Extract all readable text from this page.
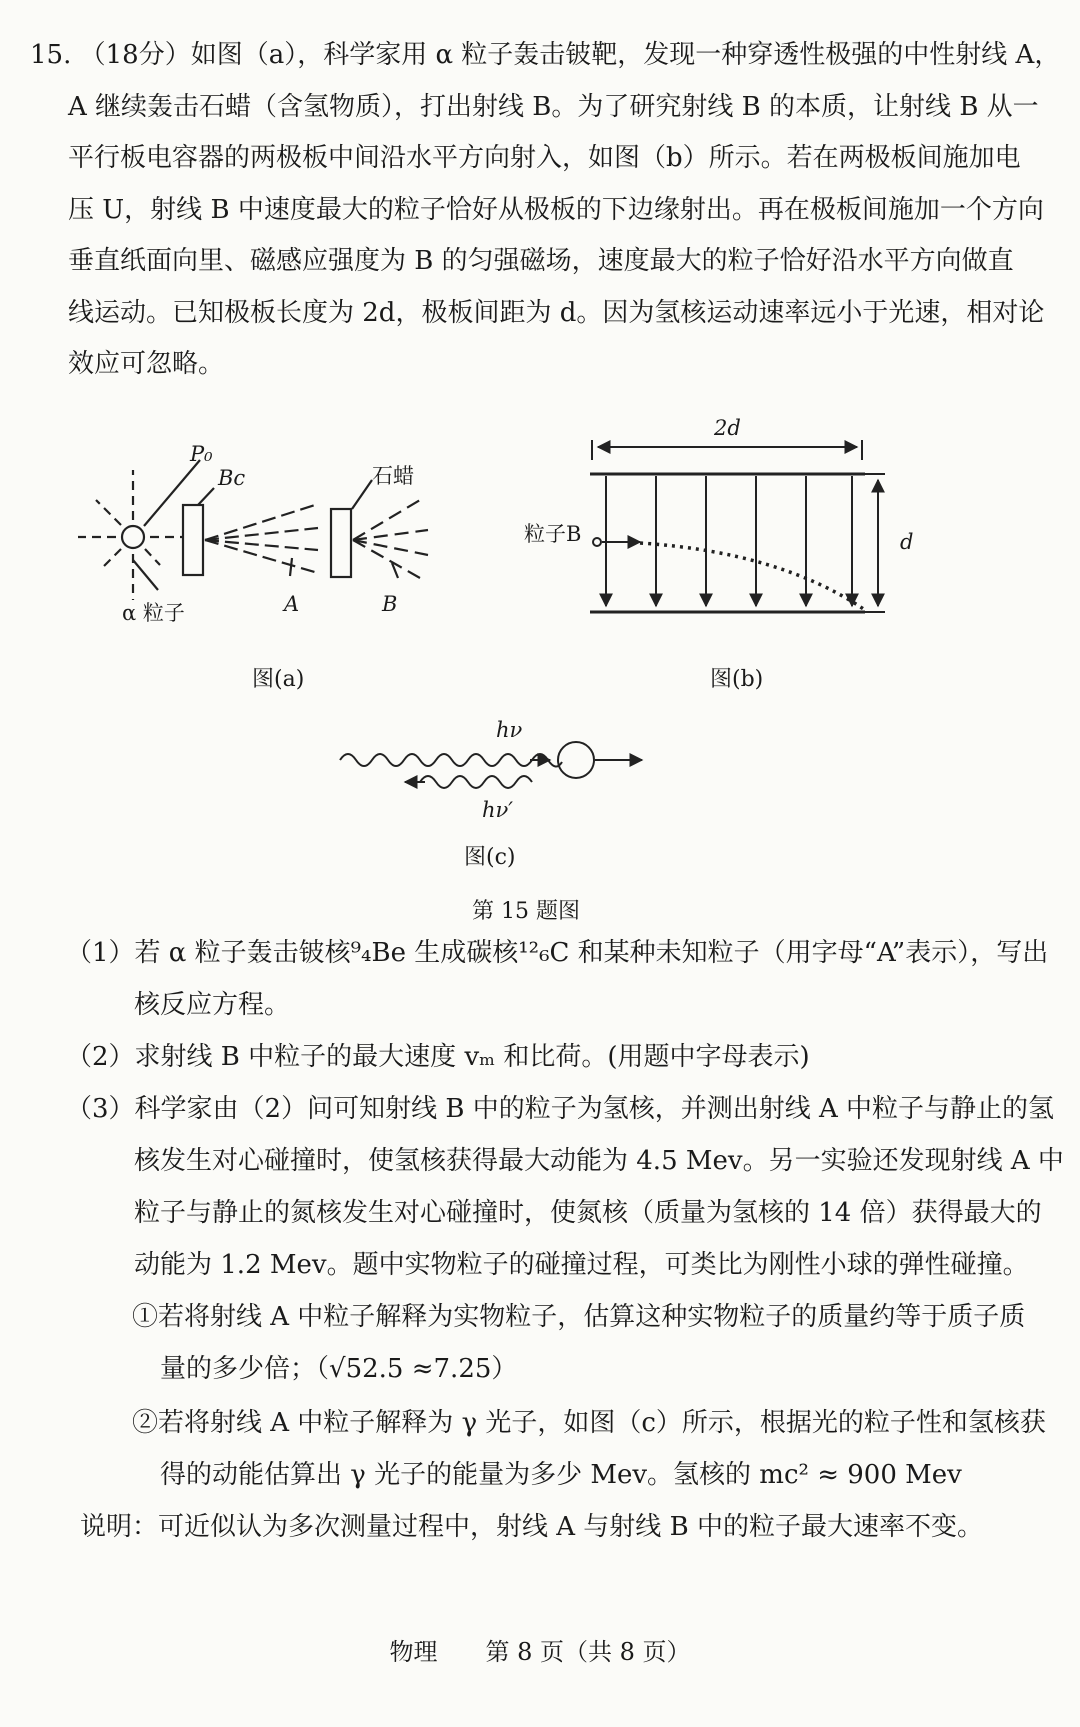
15. （18分）如图（a），科学家用 α 粒子轰击铍靶，发现一种穿透性极强的中性射线 A，
A 继续轰击石蜡（含氢物质），打出射线 B。为了研究射线 B 的本质，让射线 B 从一
平行板电容器的两极板中间沿水平方向射入，如图（b）所示。若在两极板间施加电
压 U，射线 B 中速度最大的粒子恰好从极板的下边缘射出。再在极板间施加一个方向
垂直纸面向里、磁感应强度为 B 的匀强磁场，速度最大的粒子恰好沿水平方向做直
线运动。已知极板长度为 2d，极板间距为 d。因为氢核运动速率远小于光速，相对论
效应可忽略。
P₀
Bc	石蜡
α 粒子	A	B
图(a)
2d
d
粒子B
图(b)
hν
hν′
图(c)
第 15 题图
（1）若 α 粒子轰击铍核⁹₄Be 生成碳核¹²₆C 和某种未知粒子（用字母“A”表示），写出
核反应方程。
（2）求射线 B 中粒子的最大速度 vₘ 和比荷。(用题中字母表示)
（3）科学家由（2）问可知射线 B 中的粒子为氢核，并测出射线 A 中粒子与静止的氢
核发生对心碰撞时，使氢核获得最大动能为 4.5 Mev。另一实验还发现射线 A 中
粒子与静止的氮核发生对心碰撞时，使氮核（质量为氢核的 14 倍）获得最大的
动能为 1.2 Mev。题中实物粒子的碰撞过程，可类比为刚性小球的弹性碰撞。
①若将射线 A 中粒子解释为实物粒子，估算这种实物粒子的质量约等于质子质
量的多少倍；（√52.5 ≈7.25）
②若将射线 A 中粒子解释为 γ 光子，如图（c）所示，根据光的粒子性和氢核获
得的动能估算出 γ 光子的能量为多少 Mev。氢核的 mc² ≈ 900 Mev
说明：可近似认为多次测量过程中，射线 A 与射线 B 中的粒子最大速率不变。
物理　　第 8 页（共 8 页）
